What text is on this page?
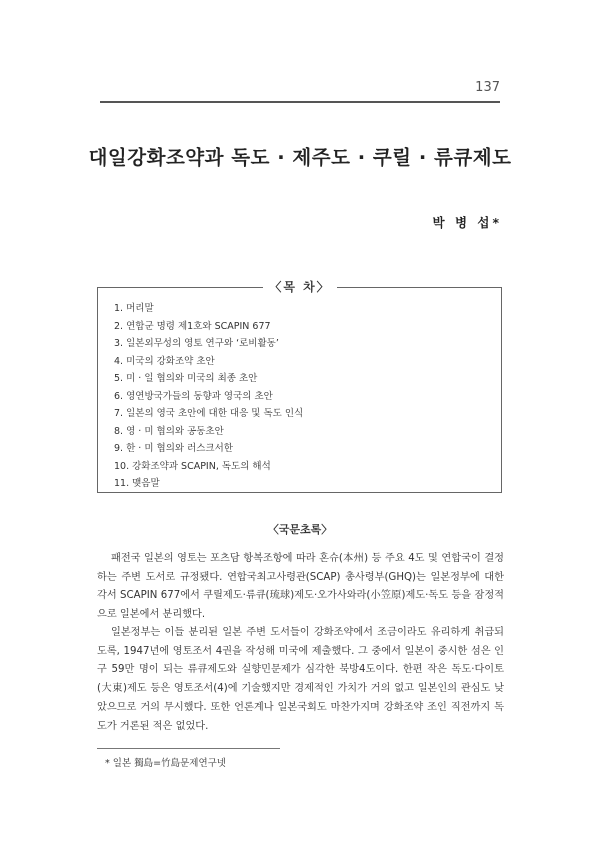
137
대일강화조약과 독도 · 제주도 · 쿠릴 · 류큐제도
박 병 섭*
〈목 차〉
1. 머리말
2. 연합군 명령 제1호와 SCAPIN 677
3. 일본외무성의 영토 연구와 ‘로비활동’
4. 미국의 강화조약 초안
5. 미 · 일 협의와 미국의 최종 초안
6. 영연방국가들의 동향과 영국의 초안
7. 일본의 영국 초안에 대한 대응 및 독도 인식
8. 영 · 미 협의와 공동초안
9. 한 · 미 협의와 러스크서한
10. 강화조약과 SCAPIN, 독도의 해석
11. 맺음말
〈국문초록〉

패전국 일본의 영토는 포츠담 항복조항에 따라 혼슈(本州) 등 주요 4도 및 연합국이 결정하는 주변 도서로 규정됐다. 연합국최고사령관(SCAP) 총사령부(GHQ)는 일본정부에 대한 각서 SCAPIN 677에서 쿠릴제도·류큐(琉球)제도·오가사와라(小笠原)제도·독도 등을 잠정적으로 일본에서 분리했다.

일본정부는 이들 분리된 일본 주변 도서들이 강화조약에서 조금이라도 유리하게 취급되도록, 1947년에 영토조서 4권을 작성해 미국에 제출했다. 그 중에서 일본이 중시한 섬은 인구 59만 명이 되는 류큐제도와 실향민문제가 심각한 북방4도이다. 한편 작은 독도·다이토(大東)제도 등은 영토조서(4)에 기술했지만 경제적인 가치가 거의 없고 일본인의 관심도 낮았으므로 거의 무시했다. 또한 언론계나 일본국회도 마찬가지며 강화조약 조인 직전까지 독도가 거론된 적은 없었다.

* 일본 獨島=竹島문제연구넷
